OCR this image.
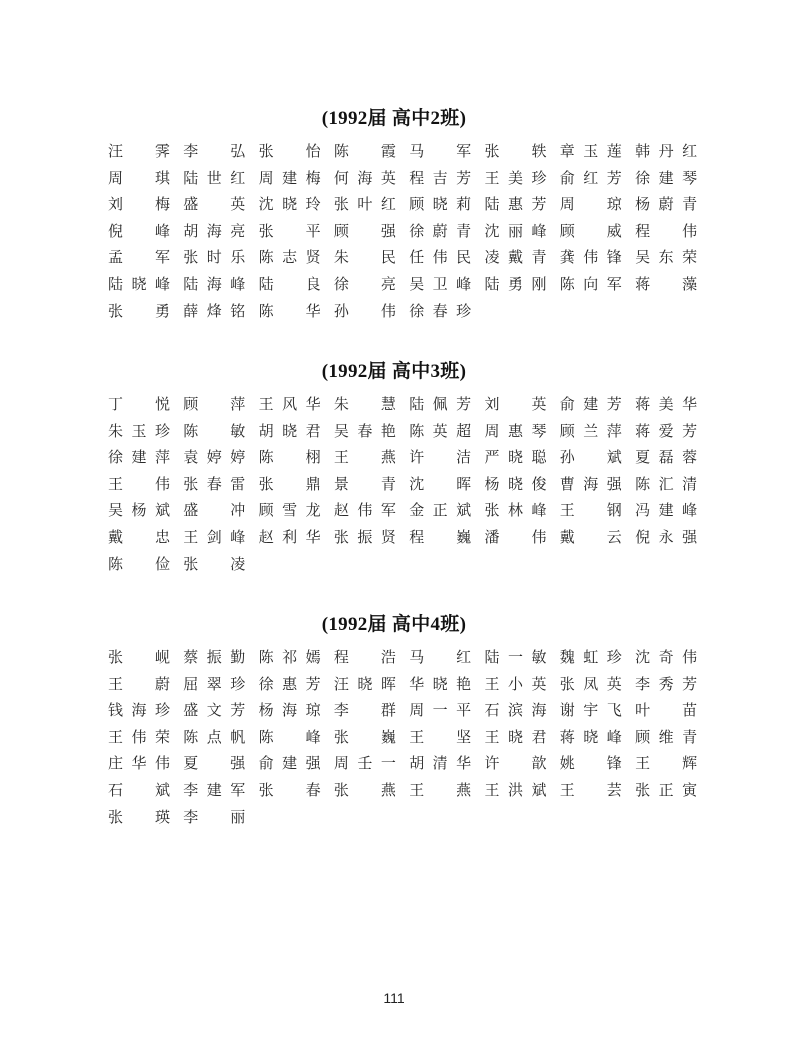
(1992届 高中2班)
汪 霁 李 弘 张 怡 陈 霞 马 军 张 轶 章 玉 莲 韩 丹 红
周 琪 陆 世 红 周 建 梅 何 海 英 程 吉 芳 王 美 珍 俞 红 芳 徐 建 琴
刘 梅 盛 英 沈 晓 玲 张 叶 红 顾 晓 莉 陆 惠 芳 周 琼 杨 蔚 青
倪 峰 胡 海 亮 张 平 顾 强 徐 蔚 青 沈 丽 峰 顾 威 程 伟
孟 军 张 时 乐 陈 志 贤 朱 民 任 伟 民 凌 戴 青 龚 伟 锋 吴 东 荣
陆 晓 峰 陆 海 峰 陆 良 徐 亮 吴 卫 峰 陆 勇 刚 陈 向 军 蒋 藻
张 勇 薛 烽 铭 陈 华 孙 伟 徐 春 珍
(1992届 高中3班)
丁 悦 顾 萍 王 风 华 朱 慧 陆 佩 芳 刘 英 俞 建 芳 蒋 美 华
朱 玉 珍 陈 敏 胡 晓 君 吴 春 艳 陈 英 超 周 惠 琴 顾 兰 萍 蒋 爱 芳
徐 建 萍 袁 婷 婷 陈 栩 王 燕 许 洁 严 晓 聪 孙 斌 夏 磊 蓉
王 伟 张 春 雷 张 鼎 景 青 沈 晖 杨 晓 俊 曹 海 强 陈 汇 清
吴 杨 斌 盛 冲 顾 雪 龙 赵 伟 军 金 正 斌 张 林 峰 王 钢 冯 建 峰
戴 忠 王 剑 峰 赵 利 华 张 振 贤 程 巍 潘 伟 戴 云 倪 永 强
陈 俭 张 凌
(1992届 高中4班)
张 岘 蔡 振 勤 陈 祁 嫣 程 浩 马 红 陆 一 敏 魏 虹 珍 沈 奇 伟
王 蔚 屈 翠 珍 徐 惠 芳 汪 晓 晖 华 晓 艳 王 小 英 张 凤 英 李 秀 芳
钱 海 珍 盛 文 芳 杨 海 琼 李 群 周 一 平 石 滨 海 谢 宇 飞 叶 苗
王 伟 荣 陈 点 帆 陈 峰 张 巍 王 坚 王 晓 君 蒋 晓 峰 顾 维 青
庄 华 伟 夏 强 俞 建 强 周 壬 一 胡 清 华 许 歆 姚 锋 王 辉
石 斌 李 建 军 张 春 张 燕 王 燕 王 洪 斌 王 芸 张 正 寅
张 瑛 李 丽
111
